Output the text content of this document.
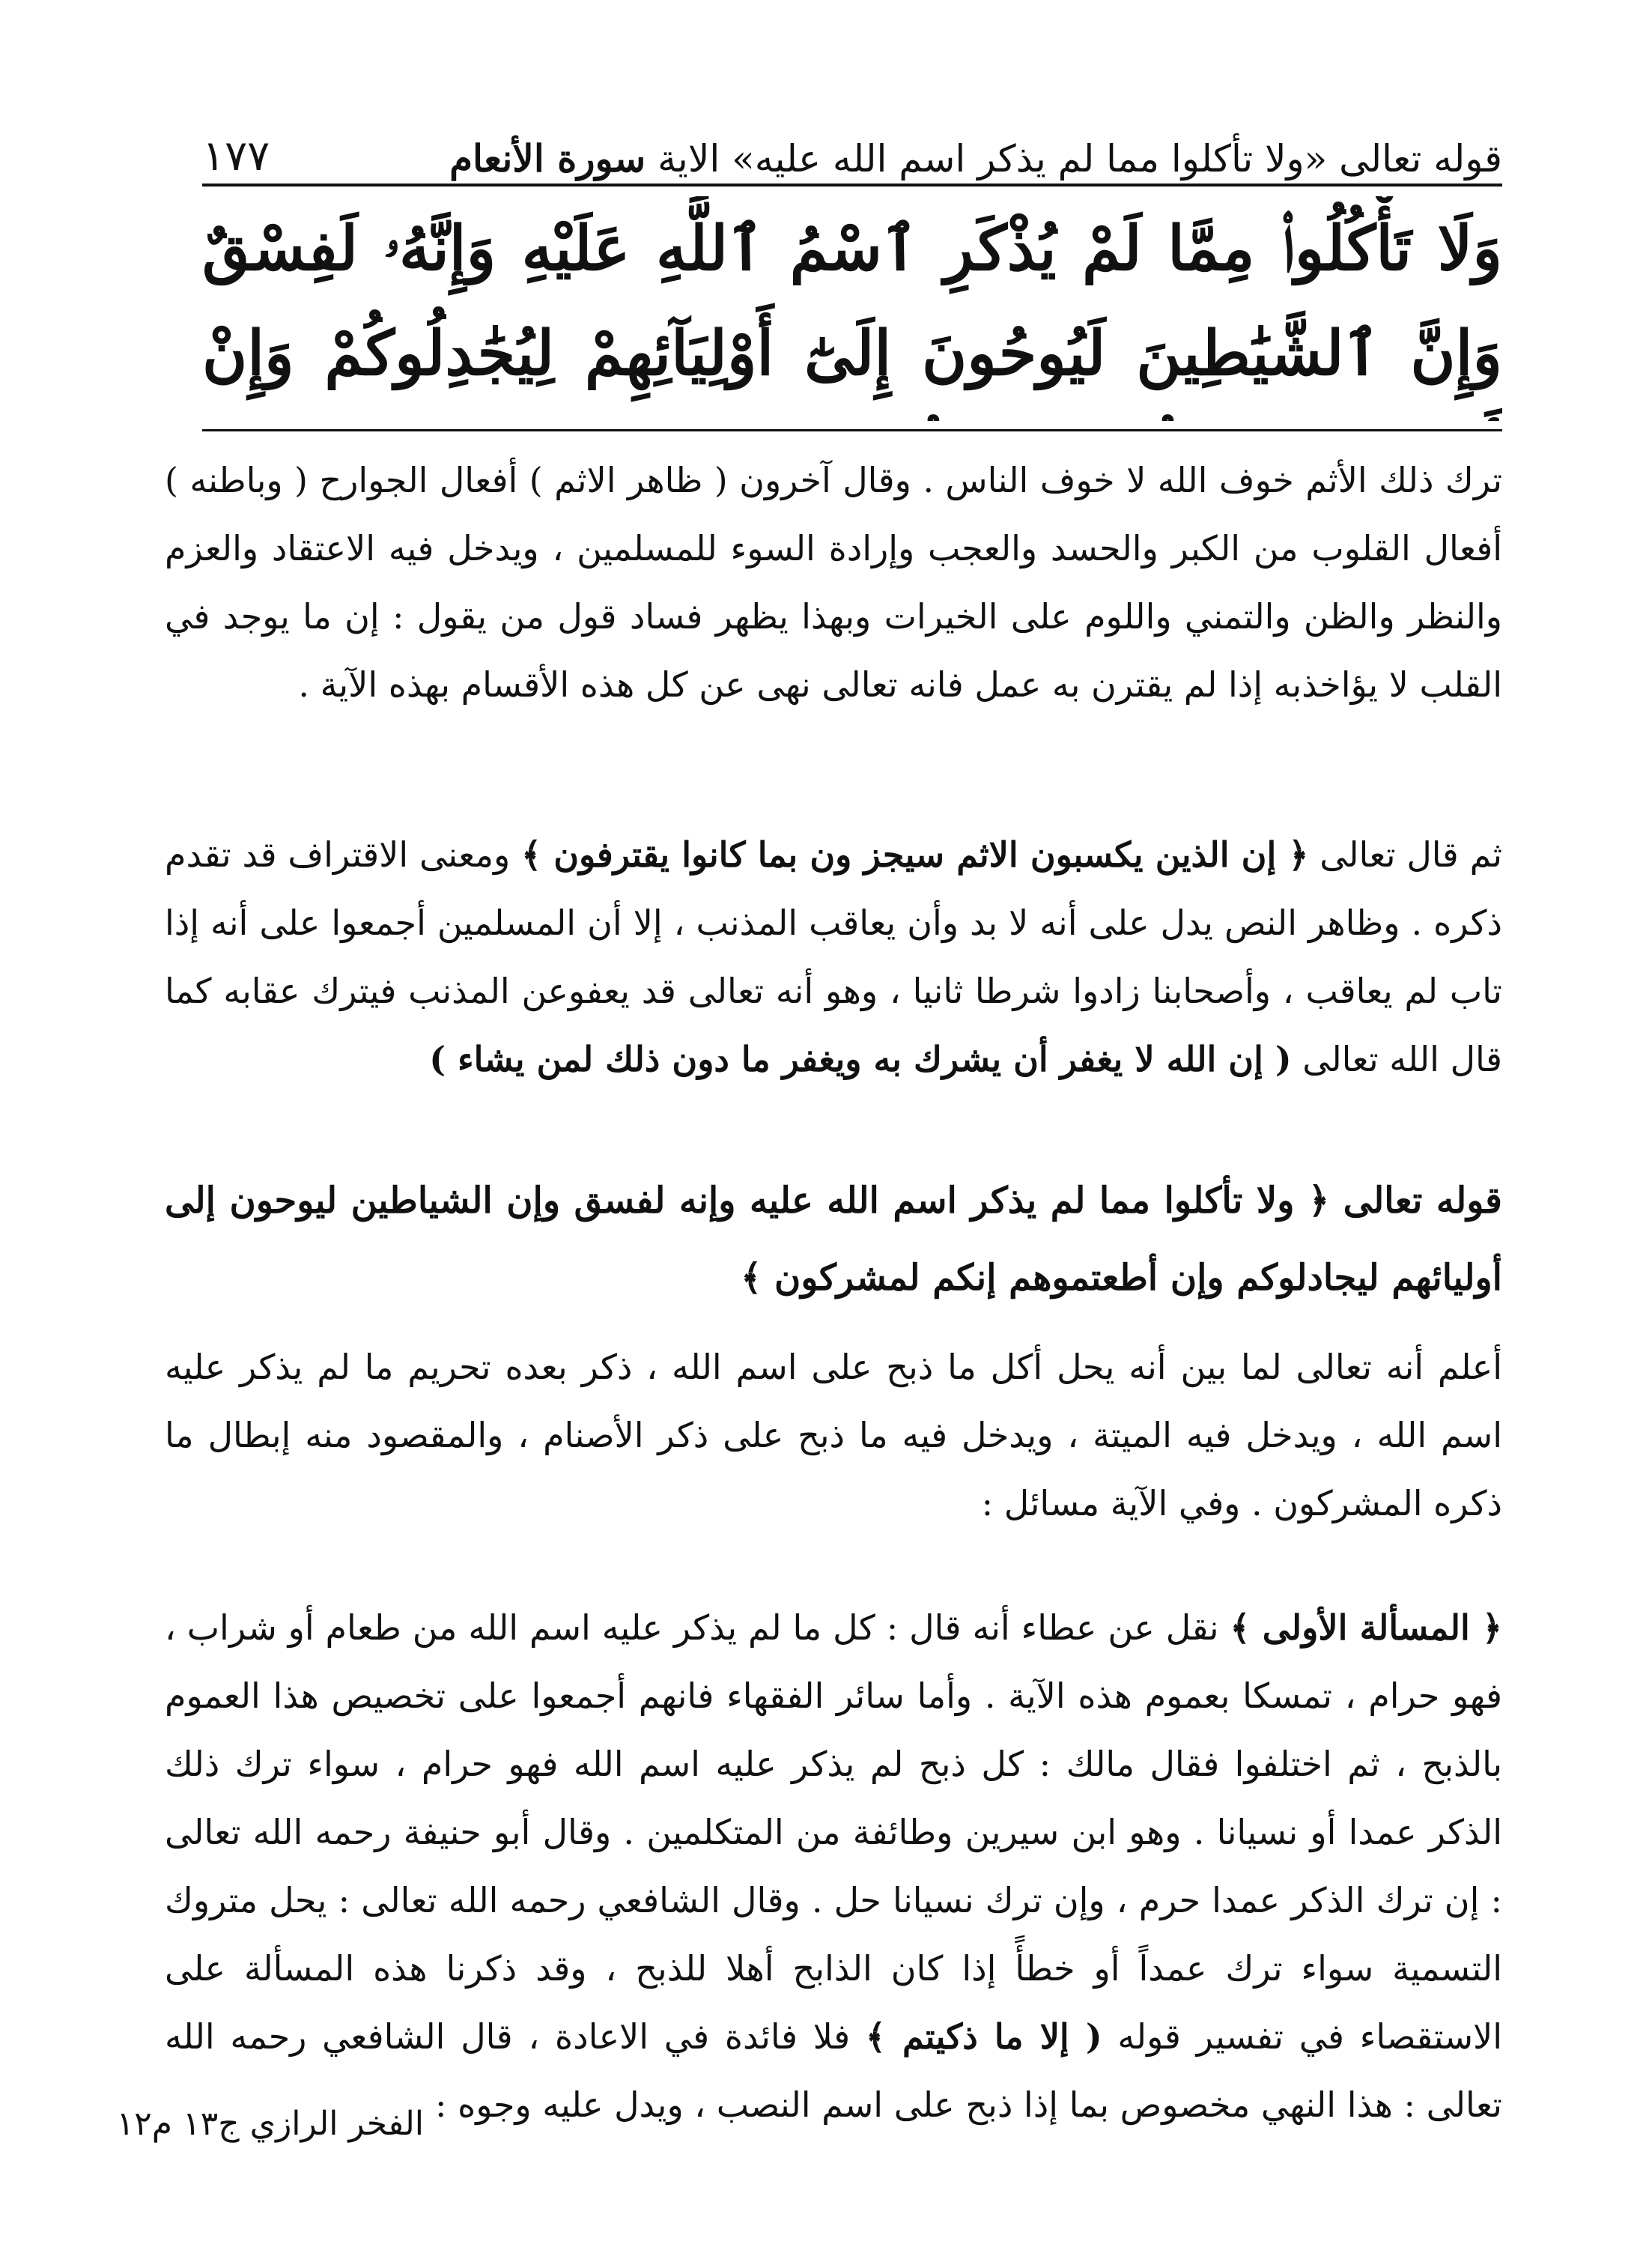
قوله تعالى «ولا تأكلوا مما لم يذكر اسم الله عليه» الاية سورة الأنعام
١٧٧
وَلَا تَأْكُلُوا۟ مِمَّا لَمْ يُذْكَرِ ٱسْمُ ٱللَّهِ عَلَيْهِ وَإِنَّهُۥ لَفِسْقٌ وَإِنَّ ٱلشَّيَٰطِينَ لَيُوحُونَ إِلَىٰٓ أَوْلِيَآئِهِمْ لِيُجَٰدِلُوكُمْ وَإِنْ

ترك ذلك الأثم خوف الله لا خوف الناس . وقال آخرون ( ظاهر الاثم ) أفعال الجوارح ( وباطنه ) أفعال القلوب من الكبر والحسد والعجب وإرادة السوء للمسلمين ، ويدخل فيه الاعتقاد والعزم والنظر والظن والتمني واللوم على الخيرات وبهذا يظهر فساد قول من يقول : إن ما يوجد في القلب لا يؤاخذبه إذا لم يقترن به عمل فانه تعالى نهى عن كل هذه الأقسام بهذه الآية .

ثم قال تعالى ﴿ إن الذين يكسبون الاثم سيجز ون بما كانوا يقترفون ﴾ ومعنى الاقتراف قد تقدم ذكره . وظاهر النص يدل على أنه لا بد وأن يعاقب المذنب ، إلا أن المسلمين أجمعوا على أنه إذا تاب لم يعاقب ، وأصحابنا زادوا شرطا ثانيا ، وهو أنه تعالى قد يعفوعن المذنب فيترك عقابه كما قال الله تعالى ( إن الله لا يغفر أن يشرك به ويغفر ما دون ذلك لمن يشاء )

قوله تعالى ﴿ ولا تأكلوا مما لم يذكر اسم الله عليه وإنه لفسق وإن الشياطين ليوحون إلى أوليائهم ليجادلوكم وإن أطعتموهم إنكم لمشركون ﴾

أعلم أنه تعالى لما بين أنه يحل أكل ما ذبح على اسم الله ، ذكر بعده تحريم ما لم يذكر عليه اسم الله ، ويدخل فيه الميتة ، ويدخل فيه ما ذبح على ذكر الأصنام ، والمقصود منه إبطال ما ذكره المشركون . وفي الآية مسائل :

﴿ المسألة الأولى ﴾ نقل عن عطاء أنه قال : كل ما لم يذكر عليه اسم الله من طعام أو شراب ، فهو حرام ، تمسكا بعموم هذه الآية . وأما سائر الفقهاء فانهم أجمعوا على تخصيص هذا العموم بالذبح ، ثم اختلفوا فقال مالك : كل ذبح لم يذكر عليه اسم الله فهو حرام ، سواء ترك ذلك الذكر عمدا أو نسيانا . وهو ابن سيرين وطائفة من المتكلمين . وقال أبو حنيفة رحمه الله تعالى : إن ترك الذكر عمدا حرم ، وإن ترك نسيانا حل . وقال الشافعي رحمه الله تعالى : يحل متروك التسمية سواء ترك عمداً أو خطأً إذا كان الذابح أهلا للذبح ، وقد ذكرنا هذه المسألة على الاستقصاء في تفسير قوله ( إلا ما ذكيتم ﴾ فلا فائدة في الاعادة ، قال الشافعي رحمه الله تعالى : هذا النهي مخصوص بما إذا ذبح على اسم النصب ، ويدل عليه وجوه :

الفخر الرازي ج١٣ م١٢
